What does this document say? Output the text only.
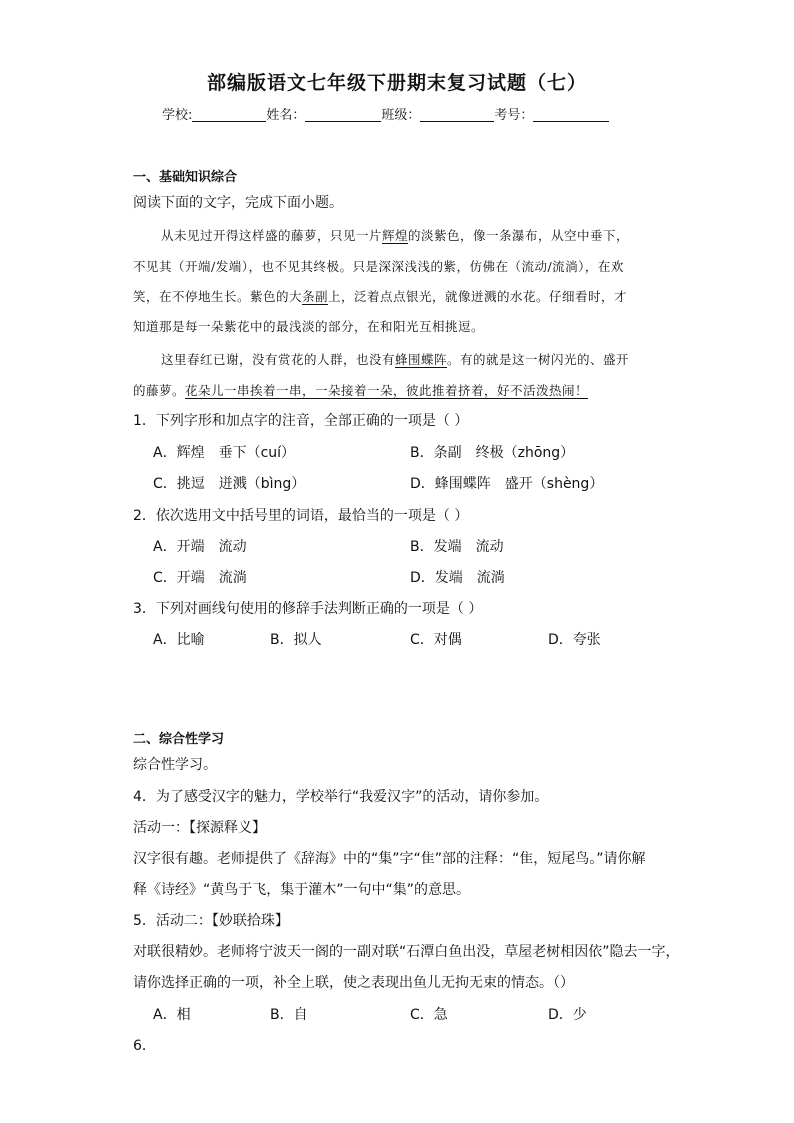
部编版语文七年级下册期末复习试题（七）
学校:	姓名：	班级：	考号：
一、基础知识综合
阅读下面的文字，完成下面小题。
从未见过开得这样盛的藤萝，只见一片辉煌的淡紫色，像一条瀑布，从空中垂下，
不见其（开端/发端），也不见其终极。只是深深浅浅的紫，仿佛在（流动/流淌），在欢
笑，在不停地生长。紫色的大条副上，泛着点点银光，就像迸溅的水花。仔细看时，才
知道那是每一朵紫花中的最浅淡的部分，在和阳光互相挑逗。
这里春红已谢，没有赏花的人群，也没有蜂围蝶阵。有的就是这一树闪光的、盛开
的藤萝。花朵儿一串挨着一串，一朵接着一朵，彼此推着挤着，好不活泼热闹！
1．下列字形和加点字的注音，全部正确的一项是（ ）
A．辉煌　垂下（cuí）	B．条副　终极（zhōng）
C．挑逗　迸溅（bìng）	D．蜂围蝶阵　盛开（shèng）
2．依次选用文中括号里的词语，最恰当的一项是（ ）
A．开端　流动	B．发端　流动
C．开端　流淌	D．发端　流淌
3．下列对画线句使用的修辞手法判断正确的一项是（ ）
A．比喻	B．拟人	C．对偶	D．夸张
二、综合性学习
综合性学习。
4．为了感受汉字的魅力，学校举行“我爱汉字”的活动，请你参加。
活动一：【探源释义】
汉字很有趣。老师提供了《辞海》中的“集”字“隹”部的注释：“隹，短尾鸟。”请你解
释《诗经》“黄鸟于飞，集于灌木”一句中“集”的意思。
5．活动二：【妙联拾珠】
对联很精妙。老师将宁波天一阁的一副对联“石潭白鱼出没，草屋老树相因依”隐去一字，
请你选择正确的一项，补全上联，使之表现出鱼儿无拘无束的情态。（）
A．相	B．自	C．急	D．少
6．
